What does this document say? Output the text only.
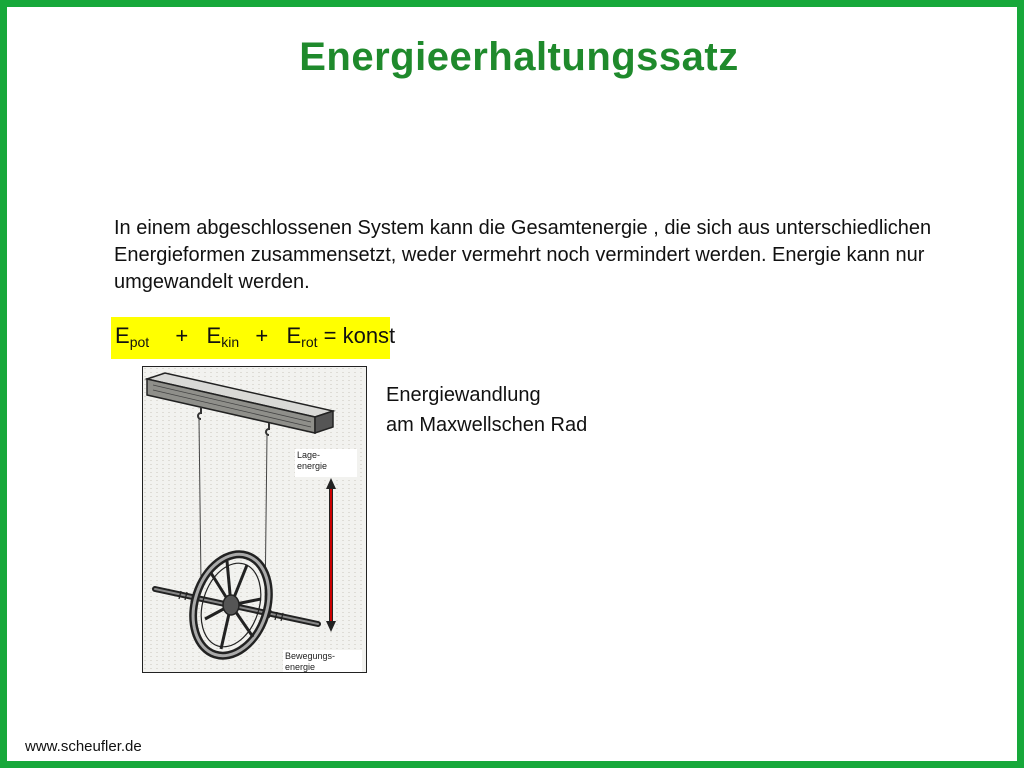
Energieerhaltungssatz
In einem abgeschlossenen System kann die Gesamtenergie , die sich aus unterschiedlichen Energieformen zusammensetzt, weder vermehrt noch vermindert werden. Energie kann nur umgewandelt werden.
$E_{pot} + E_{kin} + E_{rot}$ = konst
Energiewandlung
am Maxwellschen Rad
Lage-
energie
Bewegungs-
energie
www.scheufler.de
